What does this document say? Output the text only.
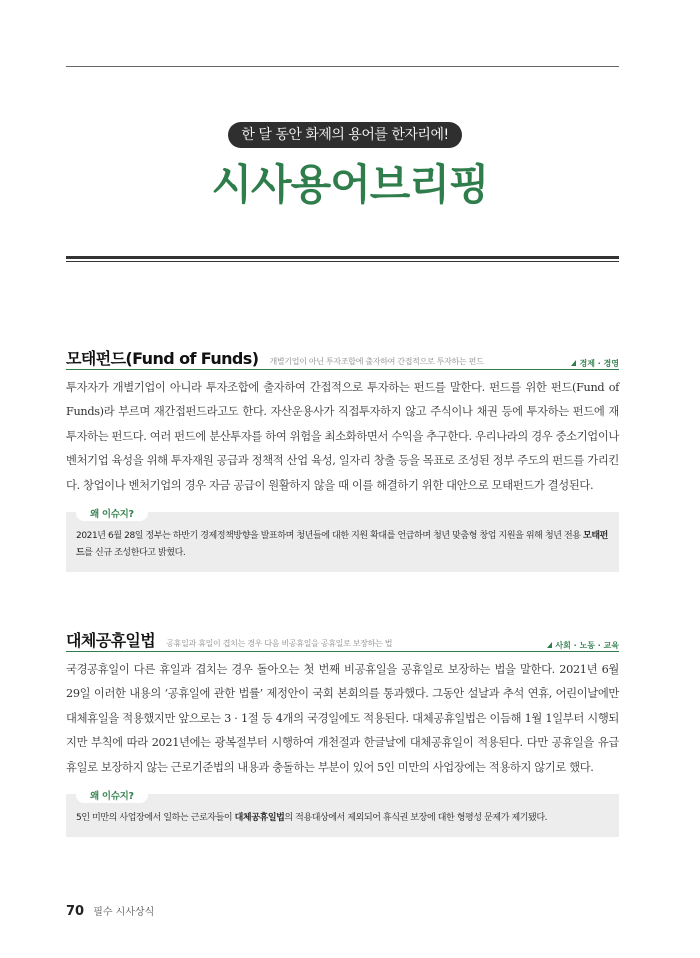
한 달 동안 화제의 용어를 한자리에!
시사용어브리핑
모태펀드(Fund of Funds) 개별기업이 아닌 투자조합에 출자하여 간접적으로 투자하는 펀드	경제 · 경영
투자자가 개별기업이 아니라 투자조합에 출자하여 간접적으로 투자하는 펀드를 말한다. 펀드를 위한 펀드(Fund of Funds)라 부르며 재간접펀드라고도 한다. 자산운용사가 직접투자하지 않고 주식이나 채권 등에 투자하는 펀드에 재투자하는 펀드다. 여러 펀드에 분산투자를 하여 위험을 최소화하면서 수익을 추구한다. 우리나라의 경우 중소기업이나 벤처기업 육성을 위해 투자재원 공급과 정책적 산업 육성, 일자리 창출 등을 목표로 조성된 정부 주도의 펀드를 가리킨다. 창업이나 벤처기업의 경우 자금 공급이 원활하지 않을 때 이를 해결하기 위한 대안으로 모태펀드가 결성된다.
왜 이슈지?
2021년 6월 28일 정부는 하반기 경제정책방향을 발표하며 청년들에 대한 지원 확대를 언급하며 청년 맞춤형 창업 지원을 위해 청년 전용 모태펀드를 신규 조성한다고 밝혔다.
대체공휴일법 공휴일과 휴일이 겹치는 경우 다음 비공휴일을 공휴일로 보장하는 법	사회 · 노동 · 교육
국경공휴일이 다른 휴일과 겹치는 경우 돌아오는 첫 번째 비공휴일을 공휴일로 보장하는 법을 말한다. 2021년 6월 29일 이러한 내용의 ‘공휴일에 관한 법률’ 제정안이 국회 본회의를 통과했다. 그동안 설날과 추석 연휴, 어린이날에만 대체휴일을 적용했지만 앞으로는 3 · 1절 등 4개의 국경일에도 적용된다. 대체공휴일법은 이듬해 1월 1일부터 시행되지만 부칙에 따라 2021년에는 광복절부터 시행하여 개천절과 한글날에 대체공휴일이 적용된다. 다만 공휴일을 유급휴일로 보장하지 않는 근로기준법의 내용과 충돌하는 부분이 있어 5인 미만의 사업장에는 적용하지 않기로 했다.
왜 이슈지?
5인 미만의 사업장에서 일하는 근로자들이 대체공휴일법의 적용대상에서 제외되어 휴식권 보장에 대한 형평성 문제가 제기됐다.
70 필수 시사상식
